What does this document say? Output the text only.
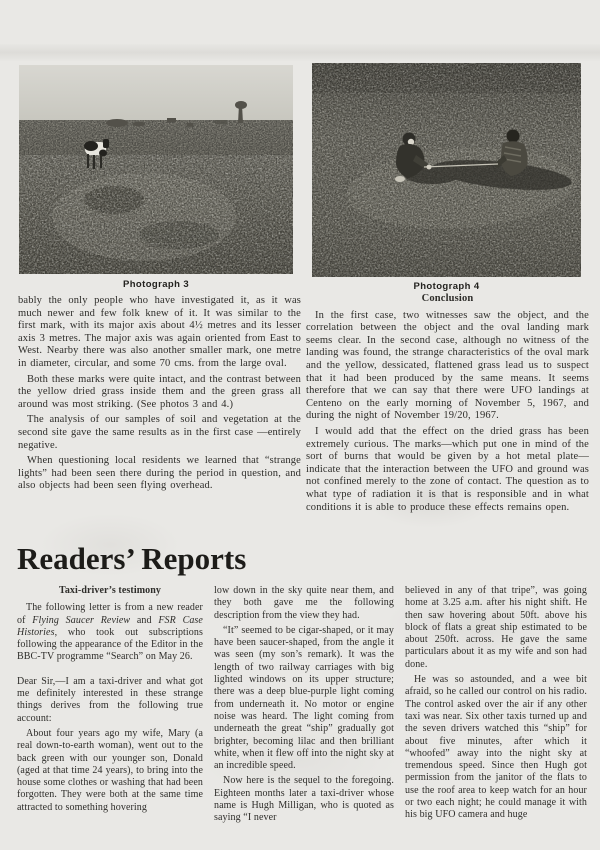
Photograph 3	Photograph 4

bably the only people who have investigated it, as it was much newer and few folk knew of it. It was similar to the first mark, with its major axis about 4½ metres and its lesser axis 3 metres. The major axis was again oriented from East to West. Nearby there was also another smaller mark, one metre in diameter, circular, and some 70 cms. from the large oval.

Both these marks were quite intact, and the contrast between the yellow dried grass inside them and the green grass all around was most striking. (See photos 3 and 4.)

The analysis of our samples of soil and vegetation at the second site gave the same results as in the first case —entirely negative.

When questioning local residents we learned that “strange lights” had been seen there during the period in question, and also objects had been seen flying overhead.

Conclusion

In the first case, two witnesses saw the object, and the correlation between the object and the oval landing mark seems clear. In the second case, although no witness of the landing was found, the strange characteristics of the oval mark and the yellow, dessicated, flattened grass lead us to suspect that it had been produced by the same means. It seems therefore that we can say that there were UFO landings at Centeno on the early morning of November 5, 1967, and during the night of November 19/20, 1967.

I would add that the effect on the dried grass has been extremely curious. The marks—which put one in mind of the sort of burns that would be given by a hot metal plate—indicate that the interaction between the UFO and ground was not confined merely to the zone of contact. The question as to what type of radiation it is that is responsible and in what conditions it is able to produce these effects remains open.

Readers’ Reports

Taxi-driver’s testimony

The following letter is from a new reader of Flying Saucer Review and FSR Case Histories, who took out subscriptions following the appearance of the Editor in the BBC-TV programme “Search” on May 26.

Dear Sir,—I am a taxi-driver and what got me definitely interested in these strange things derives from the following true account:

About four years ago my wife, Mary (a real down-to-earth woman), went out to the back green with our younger son, Donald (aged at that time 24 years), to bring into the house some clothes or washing that had been forgotten. They were both at the same time attracted to something hovering

low down in the sky quite near them, and they both gave me the following description from the view they had.

“It” seemed to be cigar-shaped, or it may have been saucer-shaped, from the angle it was seen (my son’s remark). It was the length of two railway carriages with big lighted windows on its upper structure; there was a deep blue-purple light coming from underneath it. No motor or engine noise was heard. The light coming from underneath the great “ship” gradually got brighter, becoming lilac and then brilliant white, when it flew off into the night sky at an incredible speed.

Now here is the sequel to the foregoing. Eighteen months later a taxi-driver whose name is Hugh Milligan, who is quoted as saying “I never

believed in any of that tripe”, was going home at 3.25 a.m. after his night shift. He then saw hovering about 50ft. above his block of flats a great ship estimated to be about 250ft. across. He gave the same particulars about it as my wife and son had done.

He was so astounded, and a wee bit afraid, so he called our control on his radio. The control asked over the air if any other taxi was near. Six other taxis turned up and the seven drivers watched this “ship” for about five minutes, after which it “whoofed” away into the night sky at tremendous speed. Since then Hugh got permission from the janitor of the flats to use the roof area to keep watch for an hour or two each night; he could manage it with his big UFO camera and huge
